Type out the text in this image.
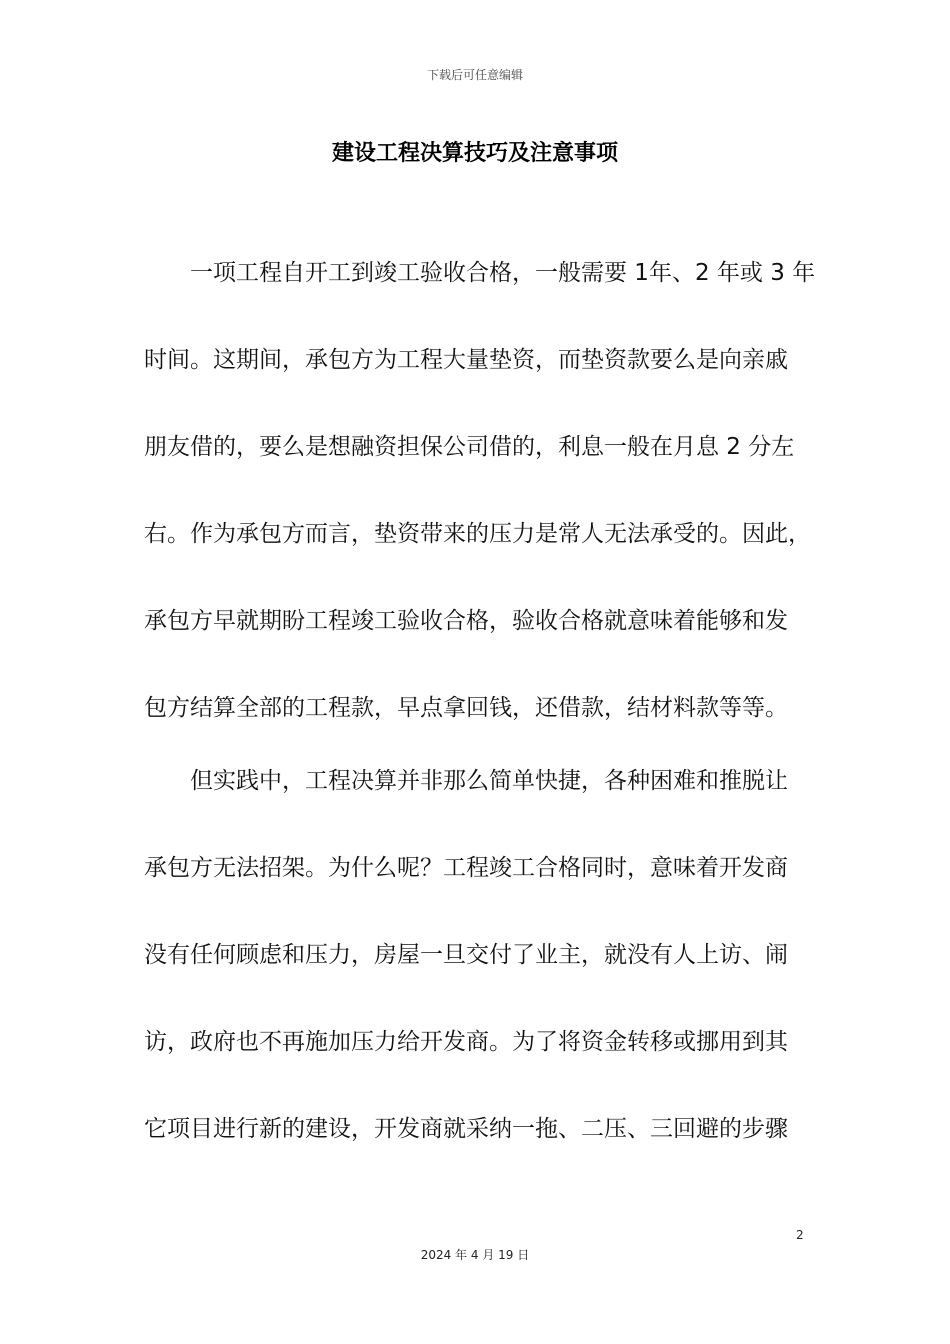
下载后可任意编辑
建设工程决算技巧及注意事项
　　一项工程自开工到竣工验收合格，一般需要 1年、2 年或 3 年
时间。这期间，承包方为工程大量垫资，而垫资款要么是向亲戚
朋友借的，要么是想融资担保公司借的，利息一般在月息 2 分左
右。作为承包方而言，垫资带来的压力是常人无法承受的。因此，
承包方早就期盼工程竣工验收合格，验收合格就意味着能够和发
包方结算全部的工程款，早点拿回钱，还借款，结材料款等等。
　　但实践中，工程决算并非那么简单快捷，各种困难和推脱让
承包方无法招架。为什么呢？工程竣工合格同时，意味着开发商
没有任何顾虑和压力，房屋一旦交付了业主，就没有人上访、闹
访，政府也不再施加压力给开发商。为了将资金转移或挪用到其
它项目进行新的建设，开发商就采纳一拖、二压、三回避的步骤
2
2024 年 4 月 19 日
